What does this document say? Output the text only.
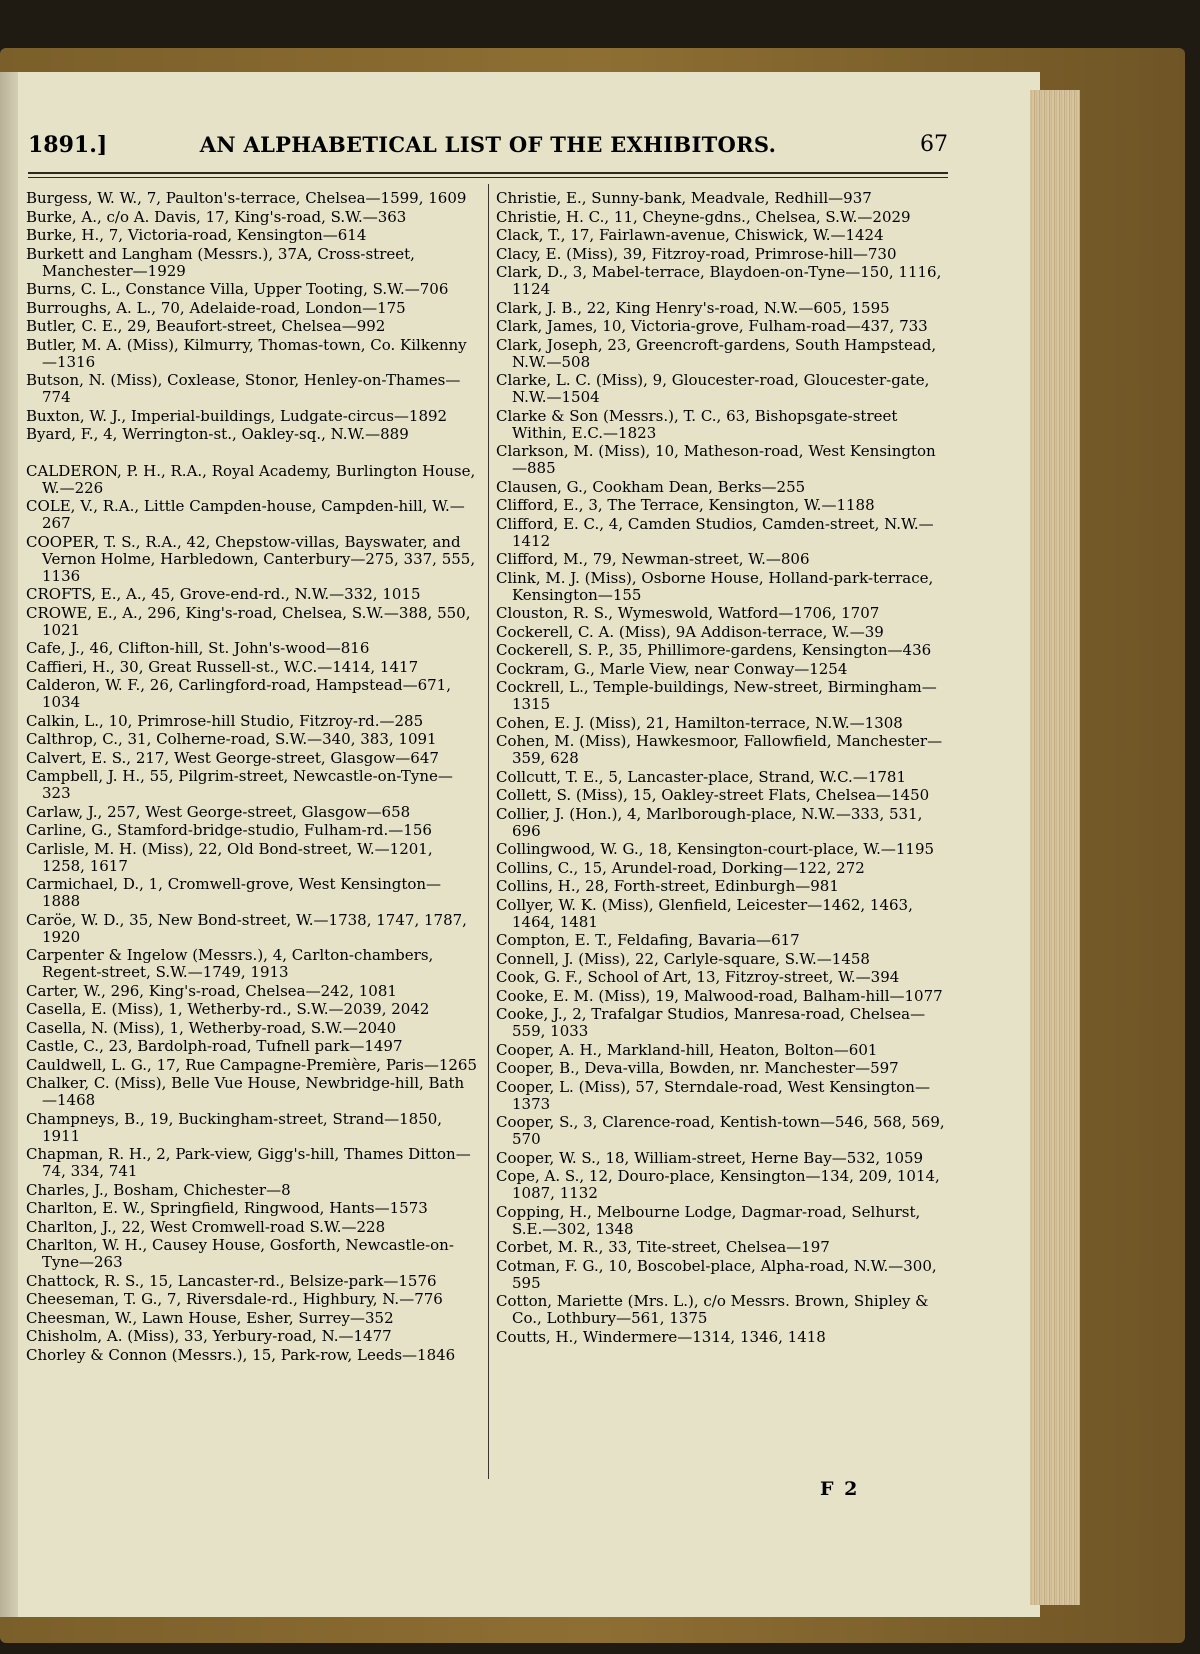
1891.]	AN ALPHABETICAL LIST OF THE EXHIBITORS.	67
Burgess, W. W., 7, Paulton's-terrace, Chelsea—1599, 1609
Burke, A., c/o A. Davis, 17, King's-road, S.W.—363
Burke, H., 7, Victoria-road, Kensington—614
Burkett and Langham (Messrs.), 37A, Cross-street, Manchester—1929
Burns, C. L., Constance Villa, Upper Tooting, S.W.—706
Burroughs, A. L., 70, Adelaide-road, London—175
Butler, C. E., 29, Beaufort-street, Chelsea—992
Butler, M. A. (Miss), Kilmurry, Thomas-town, Co. Kilkenny—1316
Butson, N. (Miss), Coxlease, Stonor, Henley-on-Thames—774
Buxton, W. J., Imperial-buildings, Ludgate-circus—1892
Byard, F., 4, Werrington-st., Oakley-sq., N.W.—889
CALDERON, P. H., R.A., Royal Academy, Burlington House, W.—226
COLE, V., R.A., Little Campden-house, Campden-hill, W.—267
COOPER, T. S., R.A., 42, Chepstow-villas, Bayswater, and Vernon Holme, Harbledown, Canterbury—275, 337, 555, 1136
CROFTS, E., A., 45, Grove-end-rd., N.W.—332, 1015
CROWE, E., A., 296, King's-road, Chelsea, S.W.—388, 550, 1021
Cafe, J., 46, Clifton-hill, St. John's-wood—816
Caffieri, H., 30, Great Russell-st., W.C.—1414, 1417
Calderon, W. F., 26, Carlingford-road, Hampstead—671, 1034
Calkin, L., 10, Primrose-hill Studio, Fitzroy-rd.—285
Calthrop, C., 31, Colherne-road, S.W.—340, 383, 1091
Calvert, E. S., 217, West George-street, Glasgow—647
Campbell, J. H., 55, Pilgrim-street, Newcastle-on-Tyne—323
Carlaw, J., 257, West George-street, Glasgow—658
Carline, G., Stamford-bridge-studio, Fulham-rd.—156
Carlisle, M. H. (Miss), 22, Old Bond-street, W.—1201, 1258, 1617
Carmichael, D., 1, Cromwell-grove, West Kensington—1888
Caröe, W. D., 35, New Bond-street, W.—1738, 1747, 1787, 1920
Carpenter & Ingelow (Messrs.), 4, Carlton-chambers, Regent-street, S.W.—1749, 1913
Carter, W., 296, King's-road, Chelsea—242, 1081
Casella, E. (Miss), 1, Wetherby-rd., S.W.—2039, 2042
Casella, N. (Miss), 1, Wetherby-road, S.W.—2040
Castle, C., 23, Bardolph-road, Tufnell park—1497
Cauldwell, L. G., 17, Rue Campagne-Première, Paris—1265
Chalker, C. (Miss), Belle Vue House, Newbridge-hill, Bath—1468
Champneys, B., 19, Buckingham-street, Strand—1850, 1911
Chapman, R. H., 2, Park-view, Gigg's-hill, Thames Ditton—74, 334, 741
Charles, J., Bosham, Chichester—8
Charlton, E. W., Springfield, Ringwood, Hants—1573
Charlton, J., 22, West Cromwell-road S.W.—228
Charlton, W. H., Causey House, Gosforth, Newcastle-on-Tyne—263
Chattock, R. S., 15, Lancaster-rd., Belsize-park—1576
Cheeseman, T. G., 7, Riversdale-rd., Highbury, N.—776
Cheesman, W., Lawn House, Esher, Surrey—352
Chisholm, A. (Miss), 33, Yerbury-road, N.—1477
Chorley & Connon (Messrs.), 15, Park-row, Leeds—1846
Christie, E., Sunny-bank, Meadvale, Redhill—937
Christie, H. C., 11, Cheyne-gdns., Chelsea, S.W.—2029
Clack, T., 17, Fairlawn-avenue, Chiswick, W.—1424
Clacy, E. (Miss), 39, Fitzroy-road, Primrose-hill—730
Clark, D., 3, Mabel-terrace, Blaydoen-on-Tyne—150, 1116, 1124
Clark, J. B., 22, King Henry's-road, N.W.—605, 1595
Clark, James, 10, Victoria-grove, Fulham-road—437, 733
Clark, Joseph, 23, Greencroft-gardens, South Hampstead, N.W.—508
Clarke, L. C. (Miss), 9, Gloucester-road, Gloucester-gate, N.W.—1504
Clarke & Son (Messrs.), T. C., 63, Bishopsgate-street Within, E.C.—1823
Clarkson, M. (Miss), 10, Matheson-road, West Kensington—885
Clausen, G., Cookham Dean, Berks—255
Clifford, E., 3, The Terrace, Kensington, W.—1188
Clifford, E. C., 4, Camden Studios, Camden-street, N.W.—1412
Clifford, M., 79, Newman-street, W.—806
Clink, M. J. (Miss), Osborne House, Holland-park-terrace, Kensington—155
Clouston, R. S., Wymeswold, Watford—1706, 1707
Cockerell, C. A. (Miss), 9A Addison-terrace, W.—39
Cockerell, S. P., 35, Phillimore-gardens, Kensington—436
Cockram, G., Marle View, near Conway—1254
Cockrell, L., Temple-buildings, New-street, Birmingham—1315
Cohen, E. J. (Miss), 21, Hamilton-terrace, N.W.—1308
Cohen, M. (Miss), Hawkesmoor, Fallowfield, Manchester—359, 628
Collcutt, T. E., 5, Lancaster-place, Strand, W.C.—1781
Collett, S. (Miss), 15, Oakley-street Flats, Chelsea—1450
Collier, J. (Hon.), 4, Marlborough-place, N.W.—333, 531, 696
Collingwood, W. G., 18, Kensington-court-place, W.—1195
Collins, C., 15, Arundel-road, Dorking—122, 272
Collins, H., 28, Forth-street, Edinburgh—981
Collyer, W. K. (Miss), Glenfield, Leicester—1462, 1463, 1464, 1481
Compton, E. T., Feldafing, Bavaria—617
Connell, J. (Miss), 22, Carlyle-square, S.W.—1458
Cook, G. F., School of Art, 13, Fitzroy-street, W.—394
Cooke, E. M. (Miss), 19, Malwood-road, Balham-hill—1077
Cooke, J., 2, Trafalgar Studios, Manresa-road, Chelsea—559, 1033
Cooper, A. H., Markland-hill, Heaton, Bolton—601
Cooper, B., Deva-villa, Bowden, nr. Manchester—597
Cooper, L. (Miss), 57, Sterndale-road, West Kensington—1373
Cooper, S., 3, Clarence-road, Kentish-town—546, 568, 569, 570
Cooper, W. S., 18, William-street, Herne Bay—532, 1059
Cope, A. S., 12, Douro-place, Kensington—134, 209, 1014, 1087, 1132
Copping, H., Melbourne Lodge, Dagmar-road, Selhurst, S.E.—302, 1348
Corbet, M. R., 33, Tite-street, Chelsea—197
Cotman, F. G., 10, Boscobel-place, Alpha-road, N.W.—300, 595
Cotton, Mariette (Mrs. L.), c/o Messrs. Brown, Shipley & Co., Lothbury—561, 1375
Coutts, H., Windermere—1314, 1346, 1418
F 2
